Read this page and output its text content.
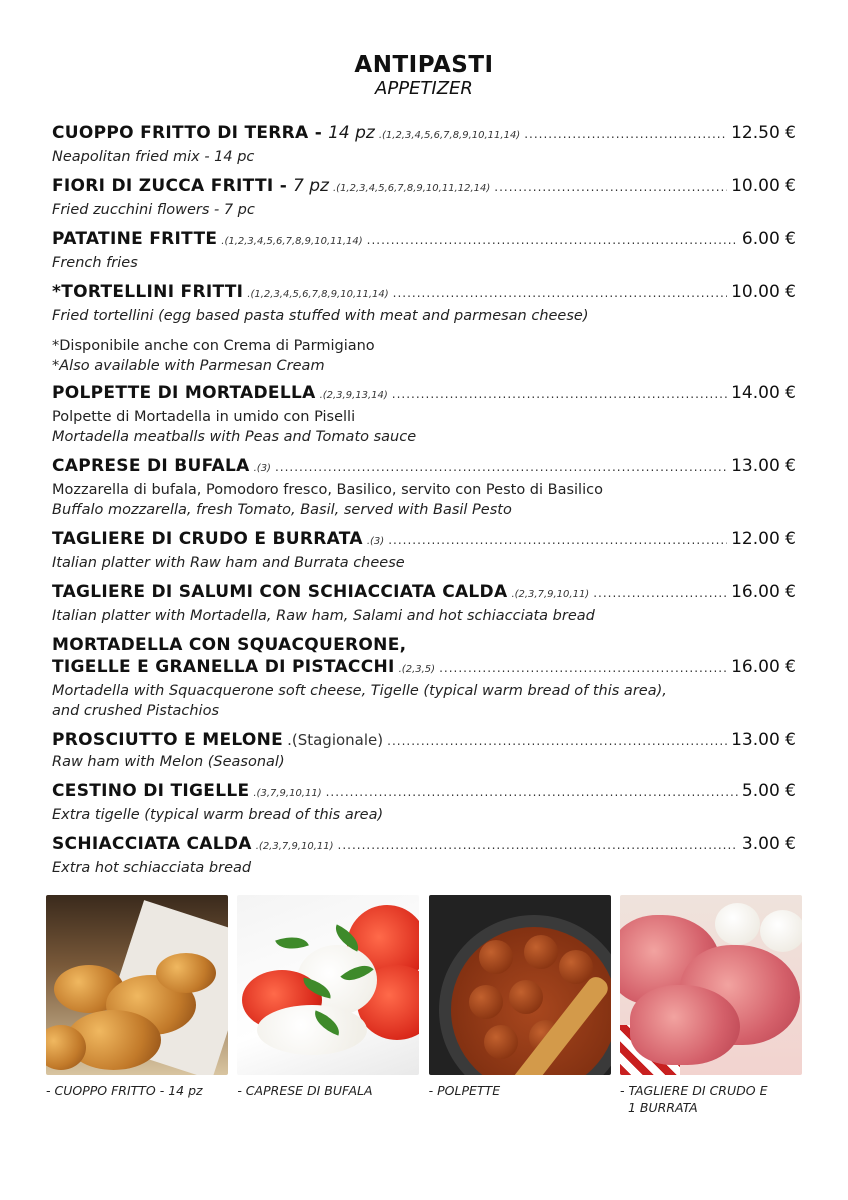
ANTIPASTI
APPETIZER
CUOPPO FRITTO DI TERRA - 14 pz .(1,2,3,4,5,6,7,8,9,10,11,14) .....	12.50 €
Neapolitan fried mix - 14 pc
FIORI DI ZUCCA FRITTI - 7 pz .(1,2,3,4,5,6,7,8,9,10,11,12,14) .....	10.00 €
Fried zucchini flowers - 7 pc
PATATINE FRITTE .(1,2,3,4,5,6,7,8,9,10,11,14) .....	6.00 €
French fries
*TORTELLINI FRITTI .(1,2,3,4,5,6,7,8,9,10,11,14) .....	10.00 €
Fried tortellini (egg based pasta stuffed with meat and parmesan cheese)
*Disponibile anche con Crema di Parmigiano
*Also available with Parmesan Cream
POLPETTE DI MORTADELLA .(2,3,9,13,14) .....	14.00 €
Polpette di Mortadella in umido con Piselli
Mortadella meatballs with Peas and Tomato sauce
CAPRESE DI BUFALA .(3) .....	13.00 €
Mozzarella di bufala, Pomodoro fresco, Basilico, servito con Pesto di Basilico
Buffalo mozzarella, fresh Tomato, Basil, served with Basil Pesto
TAGLIERE DI CRUDO E BURRATA .(3) .....	12.00 €
Italian platter with Raw ham and Burrata cheese
TAGLIERE DI SALUMI CON SCHIACCIATA CALDA .(2,3,7,9,10,11) .....	16.00 €
Italian platter with Mortadella, Raw ham, Salami and hot schiacciata bread
MORTADELLA CON SQUACQUERONE,
TIGELLE E GRANELLA DI PISTACCHI .(2,3,5) .....	16.00 €
Mortadella with Squacquerone soft cheese, Tigelle (typical warm bread of this area),
and crushed Pistachios
PROSCIUTTO E MELONE .(Stagionale) .....	13.00 €
Raw ham with Melon (Seasonal)
CESTINO DI TIGELLE .(3,7,9,10,11) .....	5.00 €
Extra tigelle (typical warm bread of this area)
SCHIACCIATA CALDA .(2,3,7,9,10,11) .....	3.00 €
Extra hot schiacciata bread
- CUOPPO FRITTO - 14 pz	- CAPRESE DI BUFALA	- POLPETTE	- TAGLIERE DI CRUDO E
1 BURRATA
